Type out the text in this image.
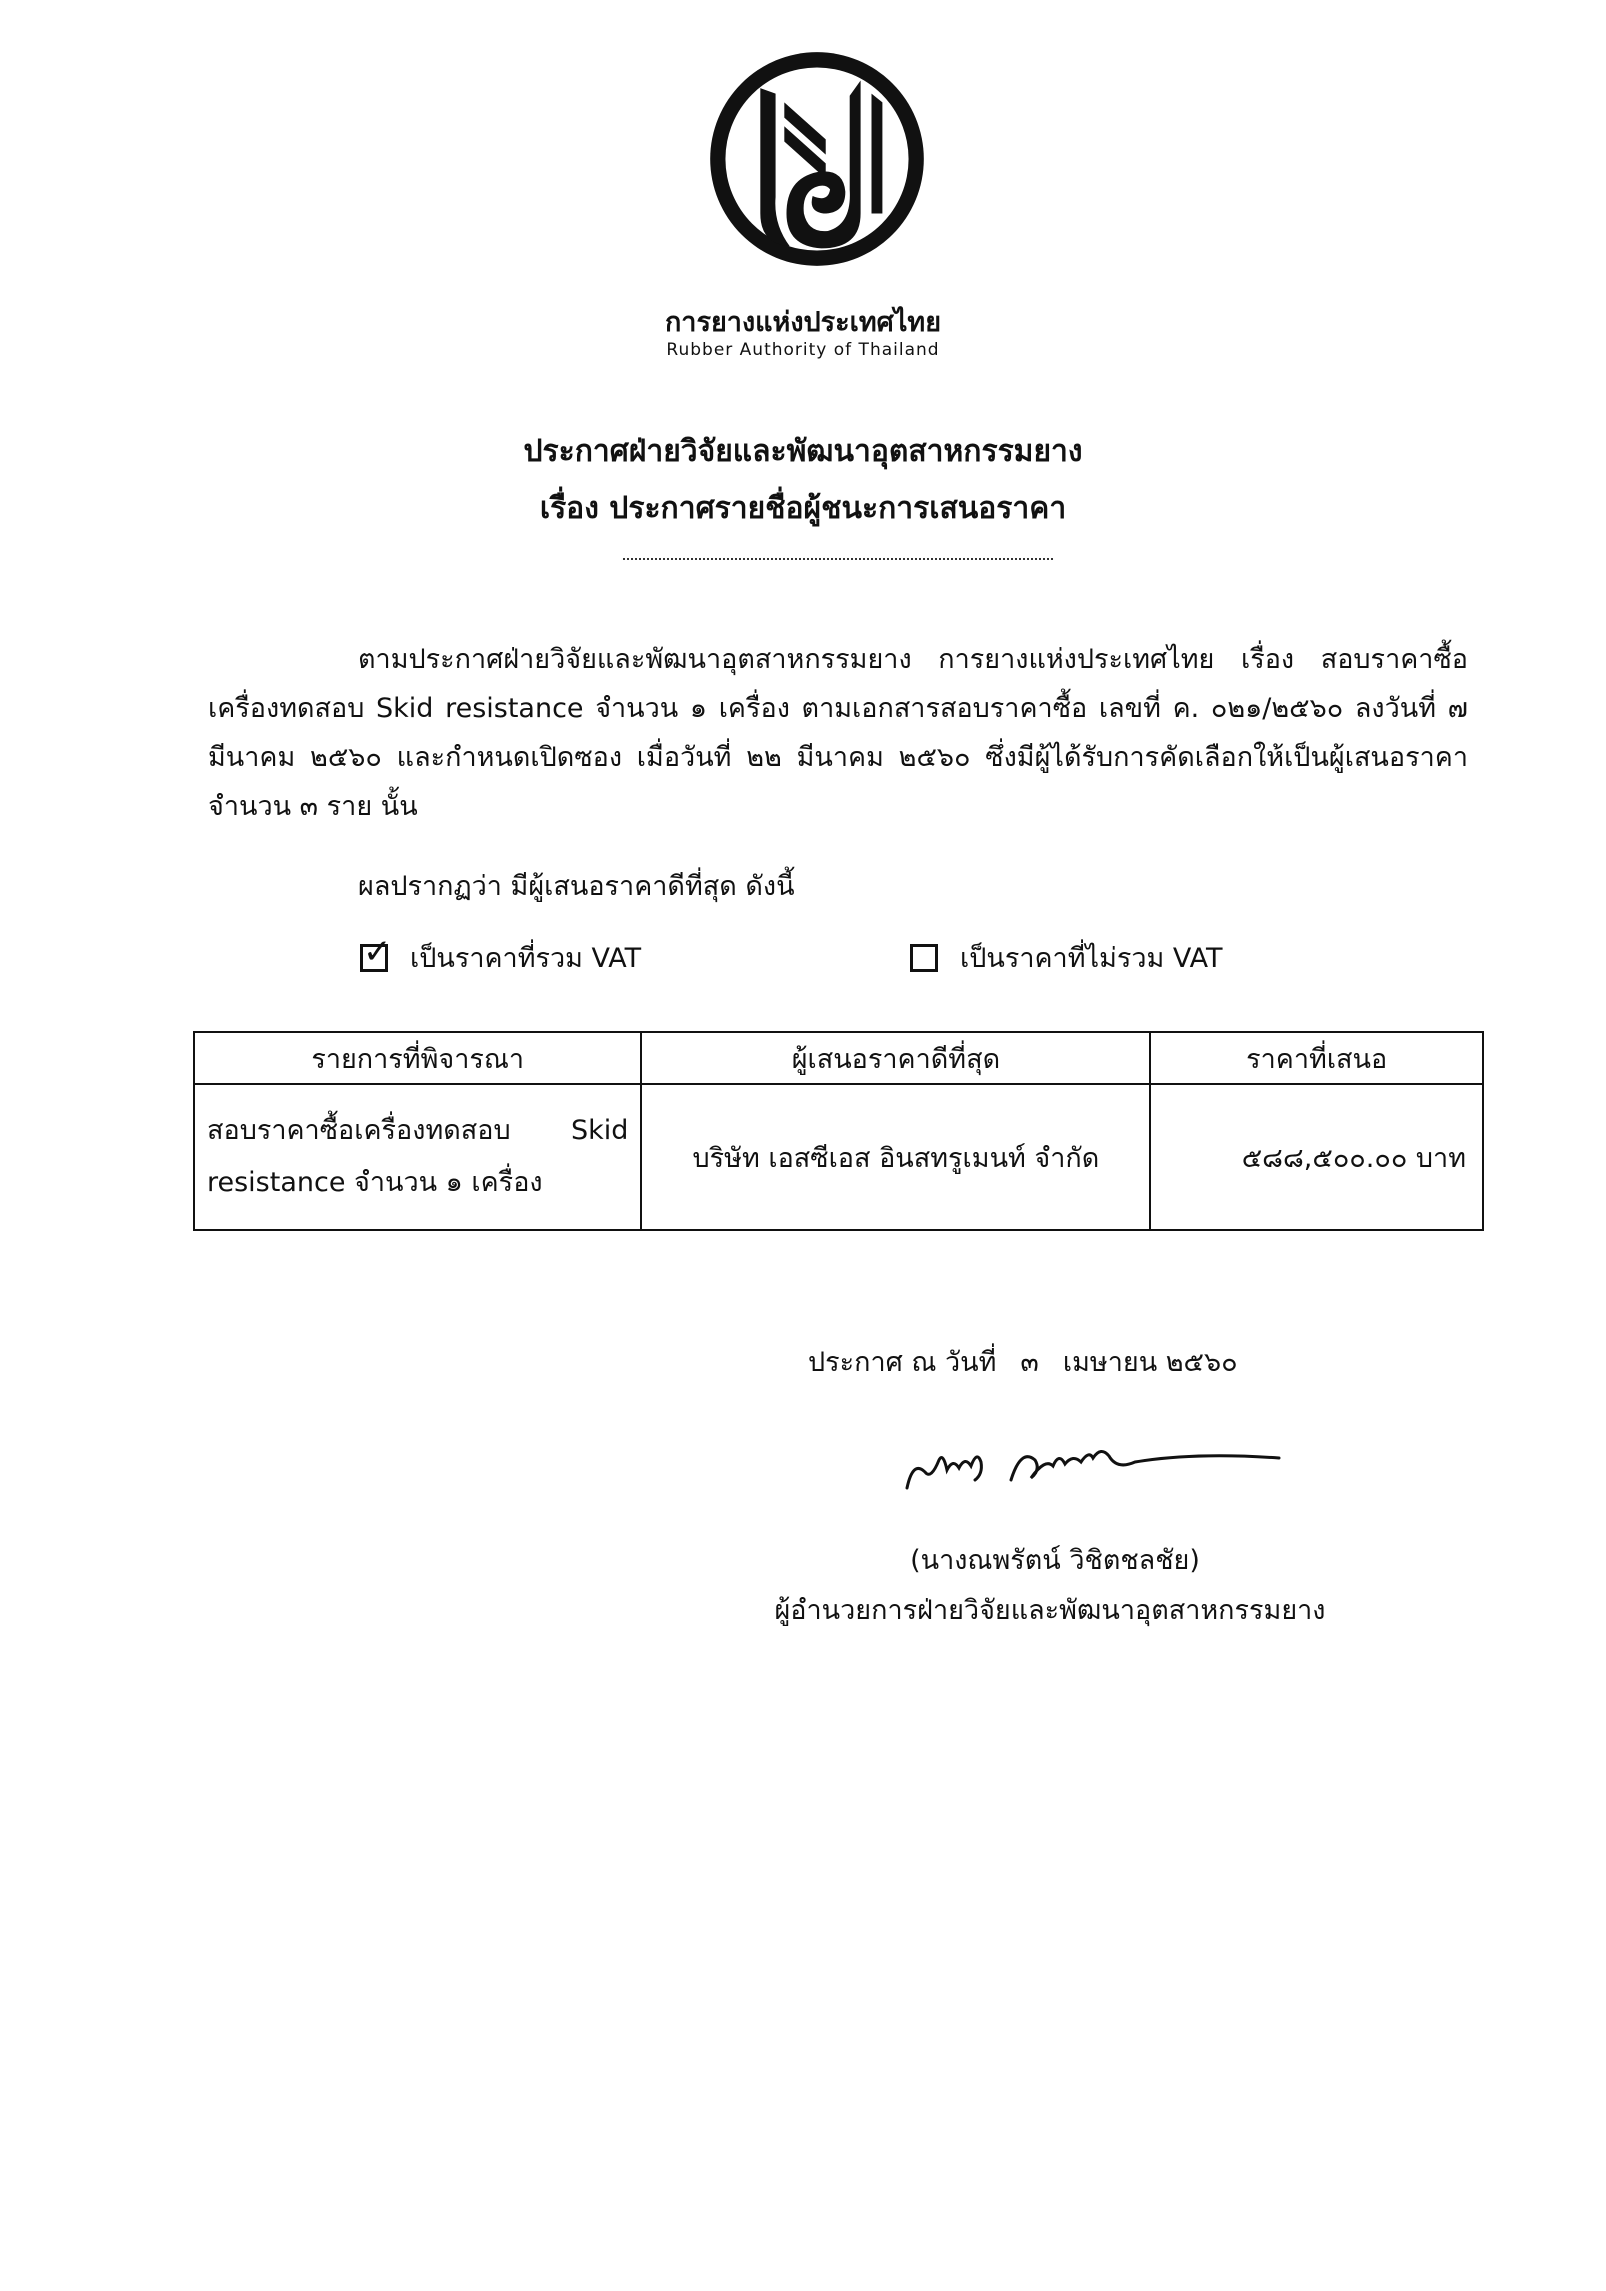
การยางแห่งประเทศไทย
Rubber Authority of Thailand
ประกาศฝ่ายวิจัยและพัฒนาอุตสาหกรรมยาง
เรื่อง ประกาศรายชื่อผู้ชนะการเสนอราคา

ตามประกาศฝ่ายวิจัยและพัฒนาอุตสาหกรรมยาง การยางแห่งประเทศไทย เรื่อง สอบราคาซื้อเครื่องทดสอบ Skid resistance จำนวน ๑ เครื่อง ตามเอกสารสอบราคาซื้อ เลขที่ ค. ๐๒๑/๒๕๖๐ ลงวันที่ ๗ มีนาคม ๒๕๖๐ และกำหนดเปิดซอง เมื่อวันที่ ๒๒ มีนาคม ๒๕๖๐ ซึ่งมีผู้ได้รับการคัดเลือกให้เป็นผู้เสนอราคา จำนวน ๓ ราย นั้น

ผลปรากฏว่า มีผู้เสนอราคาดีที่สุด ดังนี้
✓ เป็นราคาที่รวม VAT	เป็นราคาที่ไม่รวม VAT
รายการที่พิจารณา	ผู้เสนอราคาดีที่สุด	ราคาที่เสนอ
สอบราคาซื้อเครื่องทดสอบ Skid resistance จำนวน ๑ เครื่อง	บริษัท เอสซีเอส อินสทรูเมนท์ จำกัด	๕๘๘,๕๐๐.๐๐ บาท
ประกาศ ณ วันที่ ๓ เมษายน ๒๕๖๐
(นางณพรัตน์ วิชิตชลชัย)
ผู้อำนวยการฝ่ายวิจัยและพัฒนาอุตสาหกรรมยาง
